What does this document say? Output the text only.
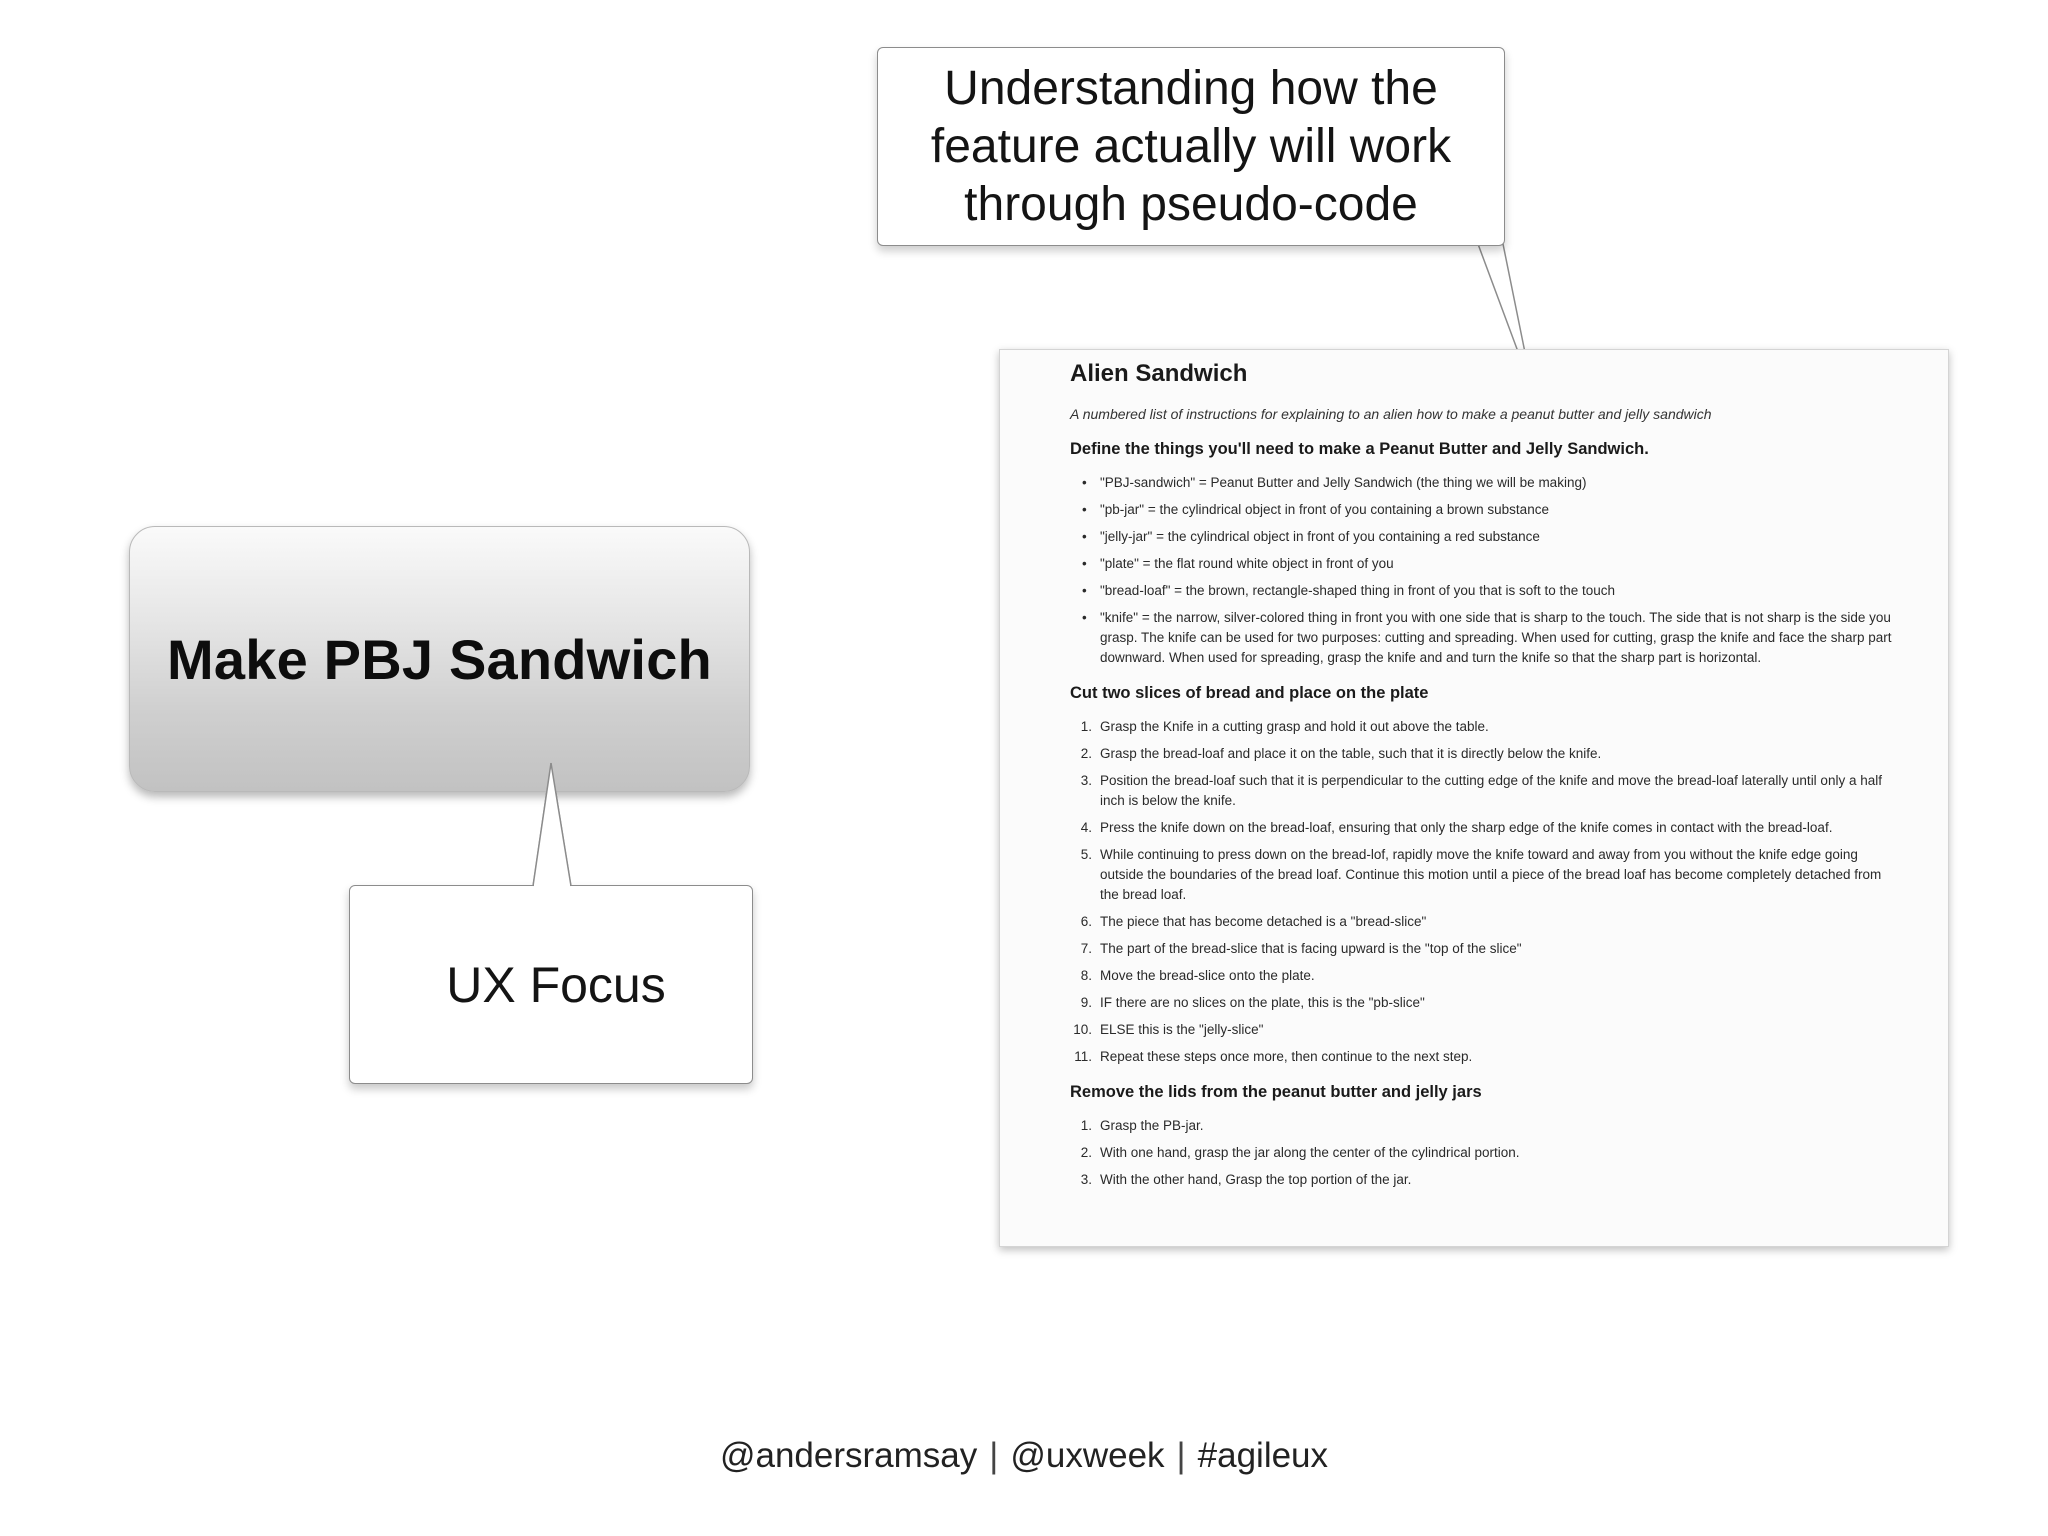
Make PBJ Sandwich
UX Focus
Understanding how the feature actually will work through pseudo-code
Alien Sandwich
A numbered list of instructions for explaining to an alien how to make a peanut butter and jelly sandwich
Define the things you'll need to make a Peanut Butter and Jelly Sandwich.
• "PBJ-sandwich" = Peanut Butter and Jelly Sandwich (the thing we will be making)
• "pb-jar" = the cylindrical object in front of you containing a brown substance
• "jelly-jar" = the cylindrical object in front of you containing a red substance
• "plate" = the flat round white object in front of you
• "bread-loaf" = the brown, rectangle-shaped thing in front of you that is soft to the touch
• "knife" = the narrow, silver-colored thing in front you with one side that is sharp to the touch. The side that is not sharp is the side you grasp. The knife can be used for two purposes: cutting and spreading. When used for cutting, grasp the knife and face the sharp part downward. When used for spreading, grasp the knife and and turn the knife so that the sharp part is horizontal.
Cut two slices of bread and place on the plate
1. Grasp the Knife in a cutting grasp and hold it out above the table.
2. Grasp the bread-loaf and place it on the table, such that it is directly below the knife.
3. Position the bread-loaf such that it is perpendicular to the cutting edge of the knife and move the bread-loaf laterally until only a half inch is below the knife.
4. Press the knife down on the bread-loaf, ensuring that only the sharp edge of the knife comes in contact with the bread-loaf.
5. While continuing to press down on the bread-lof, rapidly move the knife toward and away from you without the knife edge going outside the boundaries of the bread loaf. Continue this motion until a piece of the bread loaf has become completely detached from the bread loaf.
6. The piece that has become detached is a "bread-slice"
7. The part of the bread-slice that is facing upward is the "top of the slice"
8. Move the bread-slice onto the plate.
9. IF there are no slices on the plate, this is the "pb-slice"
10. ELSE this is the "jelly-slice"
11. Repeat these steps once more, then continue to the next step.
Remove the lids from the peanut butter and jelly jars
1. Grasp the PB-jar.
2. With one hand, grasp the jar along the center of the cylindrical portion.
3. With the other hand, Grasp the top portion of the jar.
@andersramsay | @uxweek | #agileux
